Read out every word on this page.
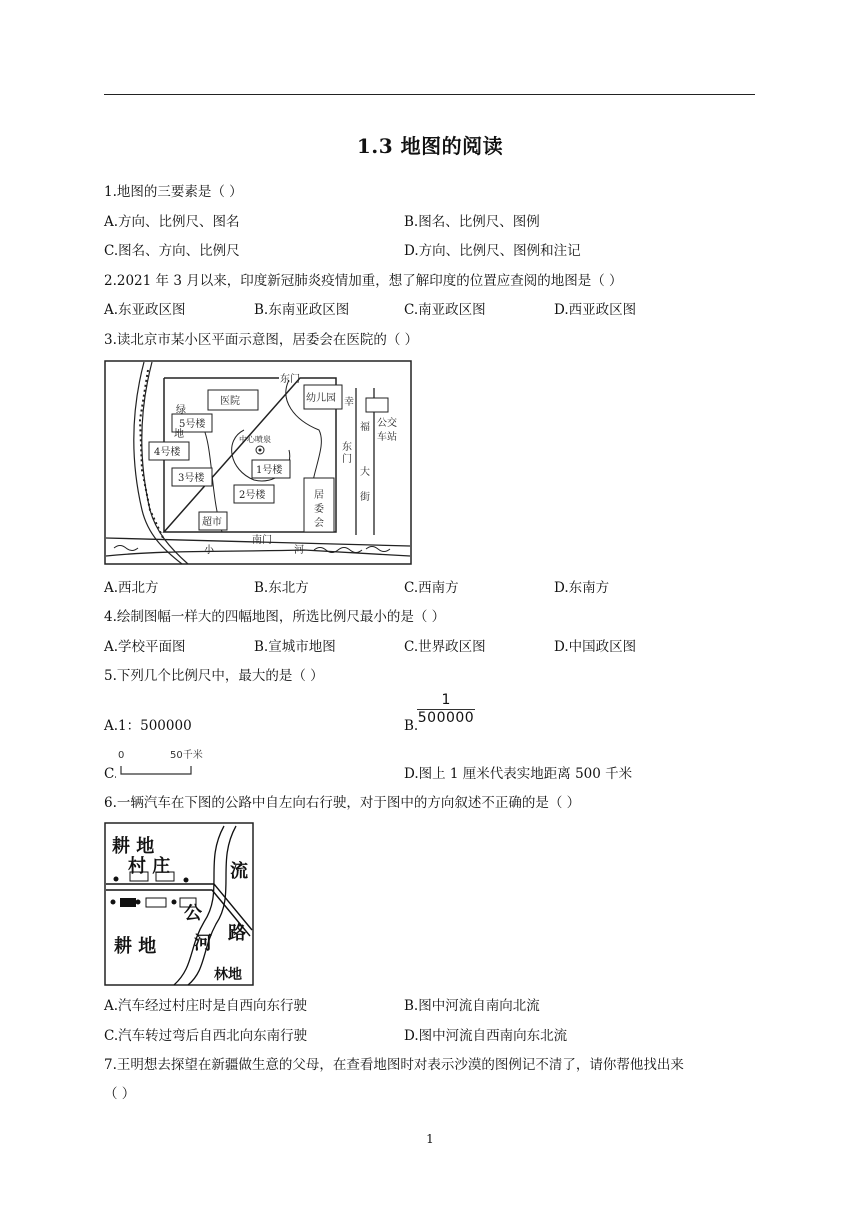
1.3 地图的阅读
1.地图的三要素是（ ）
A.方向、比例尺、图名	B.图名、比例尺、图例
C.图名、方向、比例尺	D.方向、比例尺、图例和注记
2.2021 年 3 月以来，印度新冠肺炎疫情加重，想了解印度的位置应查阅的地图是（ ）
A.东亚政区图	B.东南亚政区图	C.南亚政区图	D.西亚政区图
3.读北京市某小区平面示意图，居委会在医院的（ ）
东门
医院	幼儿园
绿
地
5号楼
4号楼
3号楼
1号楼
2号楼
中心喷泉
东
门
幸
福
大
街
公交
车站
居
委
会
超市
南门
小	河
A.西北方	B.东北方	C.西南方	D.东南方
4.绘制图幅一样大的四幅地图，所选比例尺最小的是（ ）
A.学校平面图	B.宣城市地图	C.世界政区图	D.中国政区图
5.下列几个比例尺中，最大的是（ ）
A.1：500000	B.
$\frac{1}{500000}$
C.
0	50千米
D.图上 1 厘米代表实地距离 500 千米
6.一辆汽车在下图的公路中自左向右行驶，对于图中的方向叙述不正确的是（ ）
耕 地
村 庄	流
公
路
河
耕 地
林地
A.汽车经过村庄时是自西向东行驶	B.图中河流自南向北流
C.汽车转过弯后自西北向东南行驶	D.图中河流自西南向东北流
7.王明想去探望在新疆做生意的父母，在查看地图时对表示沙漠的图例记不清了，请你帮他找出来
（ ）
1
